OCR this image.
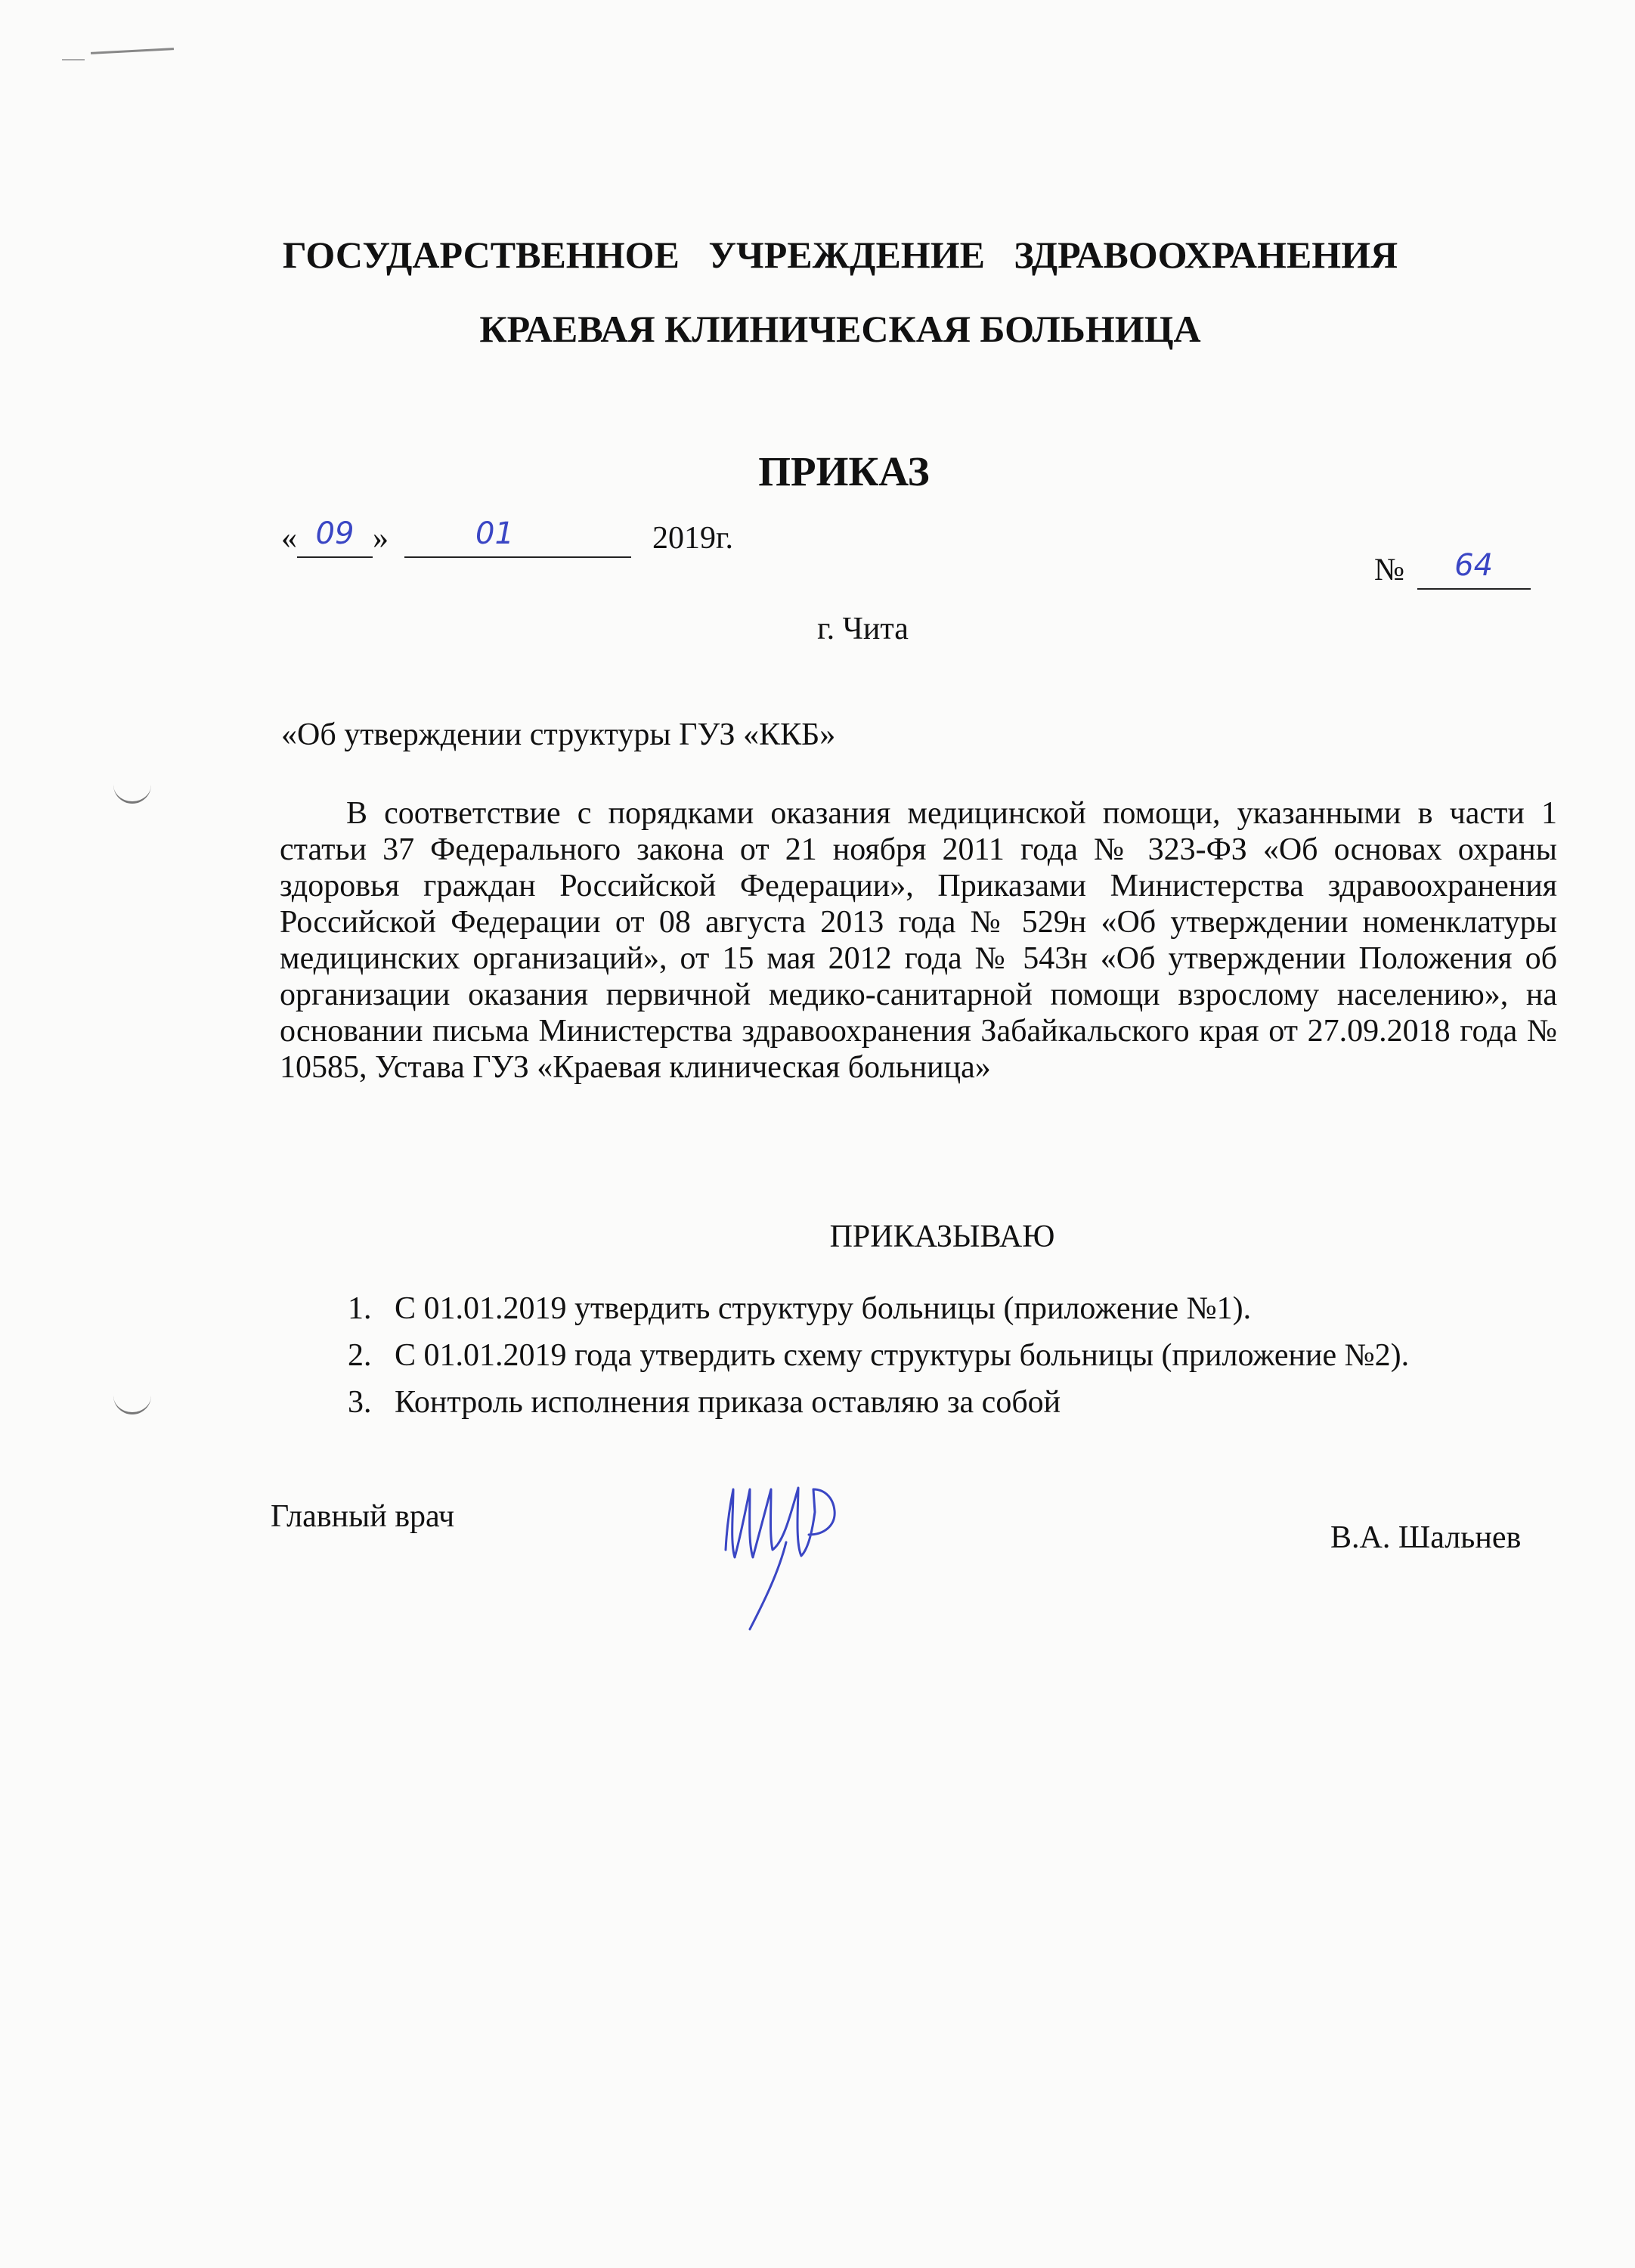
ГОСУДАРСТВЕННОЕ УЧРЕЖДЕНИЕ ЗДРАВООХРАНЕНИЯ
КРАЕВАЯ КЛИНИЧЕСКАЯ БОЛЬНИЦА
ПРИКАЗ
« 09 »	01	2019г.
№ 64
г. Чита
«Об утверждении структуры ГУЗ «ККБ»
В соответствие с порядками оказания медицинской помощи, указанными в части 1 статьи 37 Федерального закона от 21 ноября 2011 года № 323-ФЗ «Об основах охраны здоровья граждан Российской Федерации», Приказами Министерства здравоохранения Российской Федерации от 08 августа 2013 года № 529н «Об утверждении номенклатуры медицинских организаций», от 15 мая 2012 года № 543н «Об утверждении Положения об организации оказания первичной медико-санитарной помощи взрослому населению», на основании письма Министерства здравоохранения Забайкальского края от 27.09.2018 года № 10585, Устава ГУЗ «Краевая клиническая больница»
ПРИКАЗЫВАЮ
1. С 01.01.2019 утвердить структуру больницы (приложение №1).
2. С 01.01.2019 года утвердить схему структуры больницы (приложение №2).
3. Контроль исполнения приказа оставляю за собой
Главный врач
В.А. Шальнев
